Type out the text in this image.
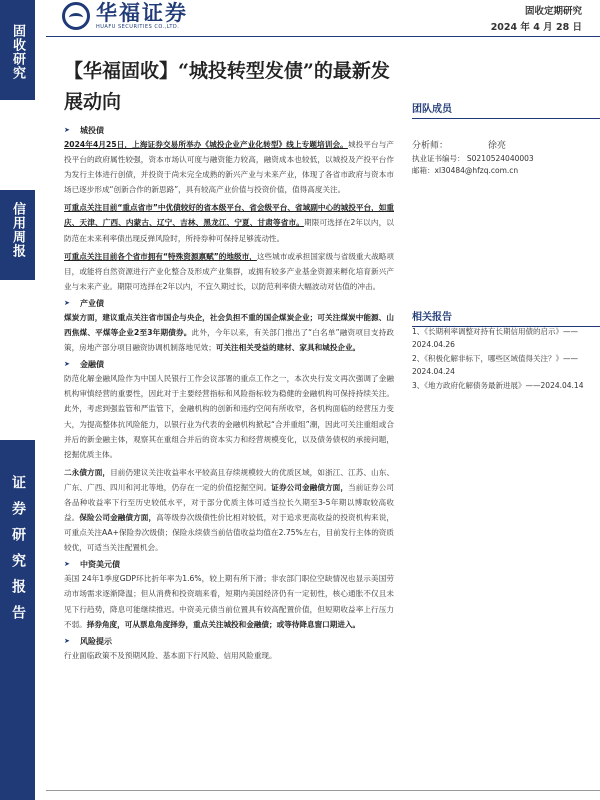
固收研究
信用周报
证券研究报告
华福证券
HUAFU SECURITIES CO.,LTD.
固收定期研究
2024 年 4 月 28 日
【华福固收】“城投转型发债”的最新发展动向	团队成员
分析师：	徐亮
执业证书编号： S0210524040003
邮箱：xl30484@hfzq.com.cn
相关报告
1、《长期利率调整对持有长期信用债的启示》——2024.04.26
2、《积极化解非标下，哪些区域值得关注？》——2024.04.24
3、《地方政府化解债务最新进展》——2024.04.14
➤ 城投债

2024年4月25日，上海证券交易所举办《城投企业产业化转型》线上专题培训会。城投平台与产投平台的政府属性较强，资本市场认可度与融资能力较高，融资成本也较低，以城投及产投平台作为发行主体进行创债，并投资于尚未完全成熟的新兴产业与未来产业，体现了各省市政府与资本市场已逐步形成“创新合作的新思路”，具有较高产业价值与投资价值，值得高度关注。

可重点关注目前“重点省市”中优债较好的省本级平台、省会级平台、省域副中心的城投平台，如重庆、天津、广西、内蒙古、辽宁、吉林、黑龙江、宁夏、甘肃等省市。期限可选择在2年以内，以防范在未来利率债出现反弹风险时，所持券种可保持足够流动性。

可重点关注目前各个省市拥有“特殊资源禀赋”的地级市，这些城市或承担国家级与省级重大战略项目，或能将自然资源进行产业化整合及形成产业集群，或拥有较多产业基金资源来孵化培育新兴产业与未来产业。期限可选择在2年以内，不宜久期过长，以防范利率债大幅波动对估值的冲击。

➤ 产业债

煤炭方面，建议重点关注省市国企与央企，社会负担不重的国企煤炭企业；可关注煤炭中能源、山西焦煤、平煤等企业2至3年期债券。此外，今年以来，有关部门推出了“白名单”融资项目支持政策，房地产部分项目融资协调机制落地见效；可关注相关受益的建材、家具和城投企业。

➤ 金融债

防范化解金融风险作为中国人民银行工作会议部署的重点工作之一，本次央行发文再次强调了金融机构审慎经营的重要性，因此对于主要经营指标和风险指标较为稳健的金融机构可保持持续关注。此外，考虑到强监管和严监管下，金融机构的创新和违约空间有所收窄，各机构面临的经营压力变大，为提高整体抗风险能力，以银行业为代表的金融机构掀起“合并重组”潮，因此可关注重组或合并后的新金融主体，观察其在重组合并后的资本实力和经营规模变化，以及债务债权的承接问题，挖掘优质主体。

二永债方面，目前仍建议关注收益率水平较高且存续规模较大的优质区域，如浙江、江苏、山东、广东、广西、四川和河北等地，仍存在一定的价值挖掘空间。证券公司金融债方面，当前证券公司各品种收益率下行至历史较低水平，对于部分优质主体可适当拉长久期至3-5年期以博取较高收益。保险公司金融债方面，高等级券次级债性价比相对较低，对于追求更高收益的投资机构来说，可重点关注AA+保险券次级债；保险永续债当前估值收益均值在2.75%左右，目前发行主体的资质较优，可适当关注配置机会。

➤ 中资美元债

美国 24年1季度GDP环比折年率为1.6%，较上期有所下滑；非农部门职位空缺情况也显示美国劳动市场需求逐渐降温；但从消费和投资端来看，短期内美国经济仍有一定韧性，核心通胀不仅且未见下行趋势，降息可能继续推迟。中资美元债当前位置具有较高配置价值，但短期收益率上行压力不弱。择券角度，可从票息角度择券，重点关注城投和金融债；或等待降息窗口期进入。

➤ 风险提示

行业面临政策不及预期风险、基本面下行风险、信用风险重现。
